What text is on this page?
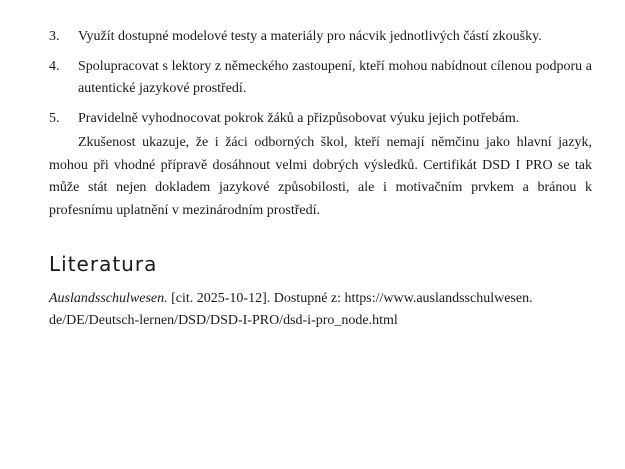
3. Využít dostupné modelové testy a materiály pro nácvik jednotlivých částí zkoušky.
4. Spolupracovat s lektory z německého zastoupení, kteří mohou nabídnout cílenou podporu a autentické jazykové prostředí.
5. Pravidelně vyhodnocovat pokrok žáků a přizpůsobovat výuku jejich potřebám.

Zkušenost ukazuje, že i žáci odborných škol, kteří nemají němčinu jako hlavní jazyk, mohou při vhodné přípravě dosáhnout velmi dobrých výsledků. Certifikát DSD I PRO se tak může stát nejen dokladem jazykové způsobilosti, ale i motivačním prvkem a bránou k profesnímu uplatnění v mezinárodním prostředí.

Literatura

Auslandsschulwesen. [cit. 2025-10-12]. Dostupné z: https://www.auslandsschulwesen. de/DE/Deutsch-lernen/DSD/DSD-I-PRO/dsd-i-pro_node.html
